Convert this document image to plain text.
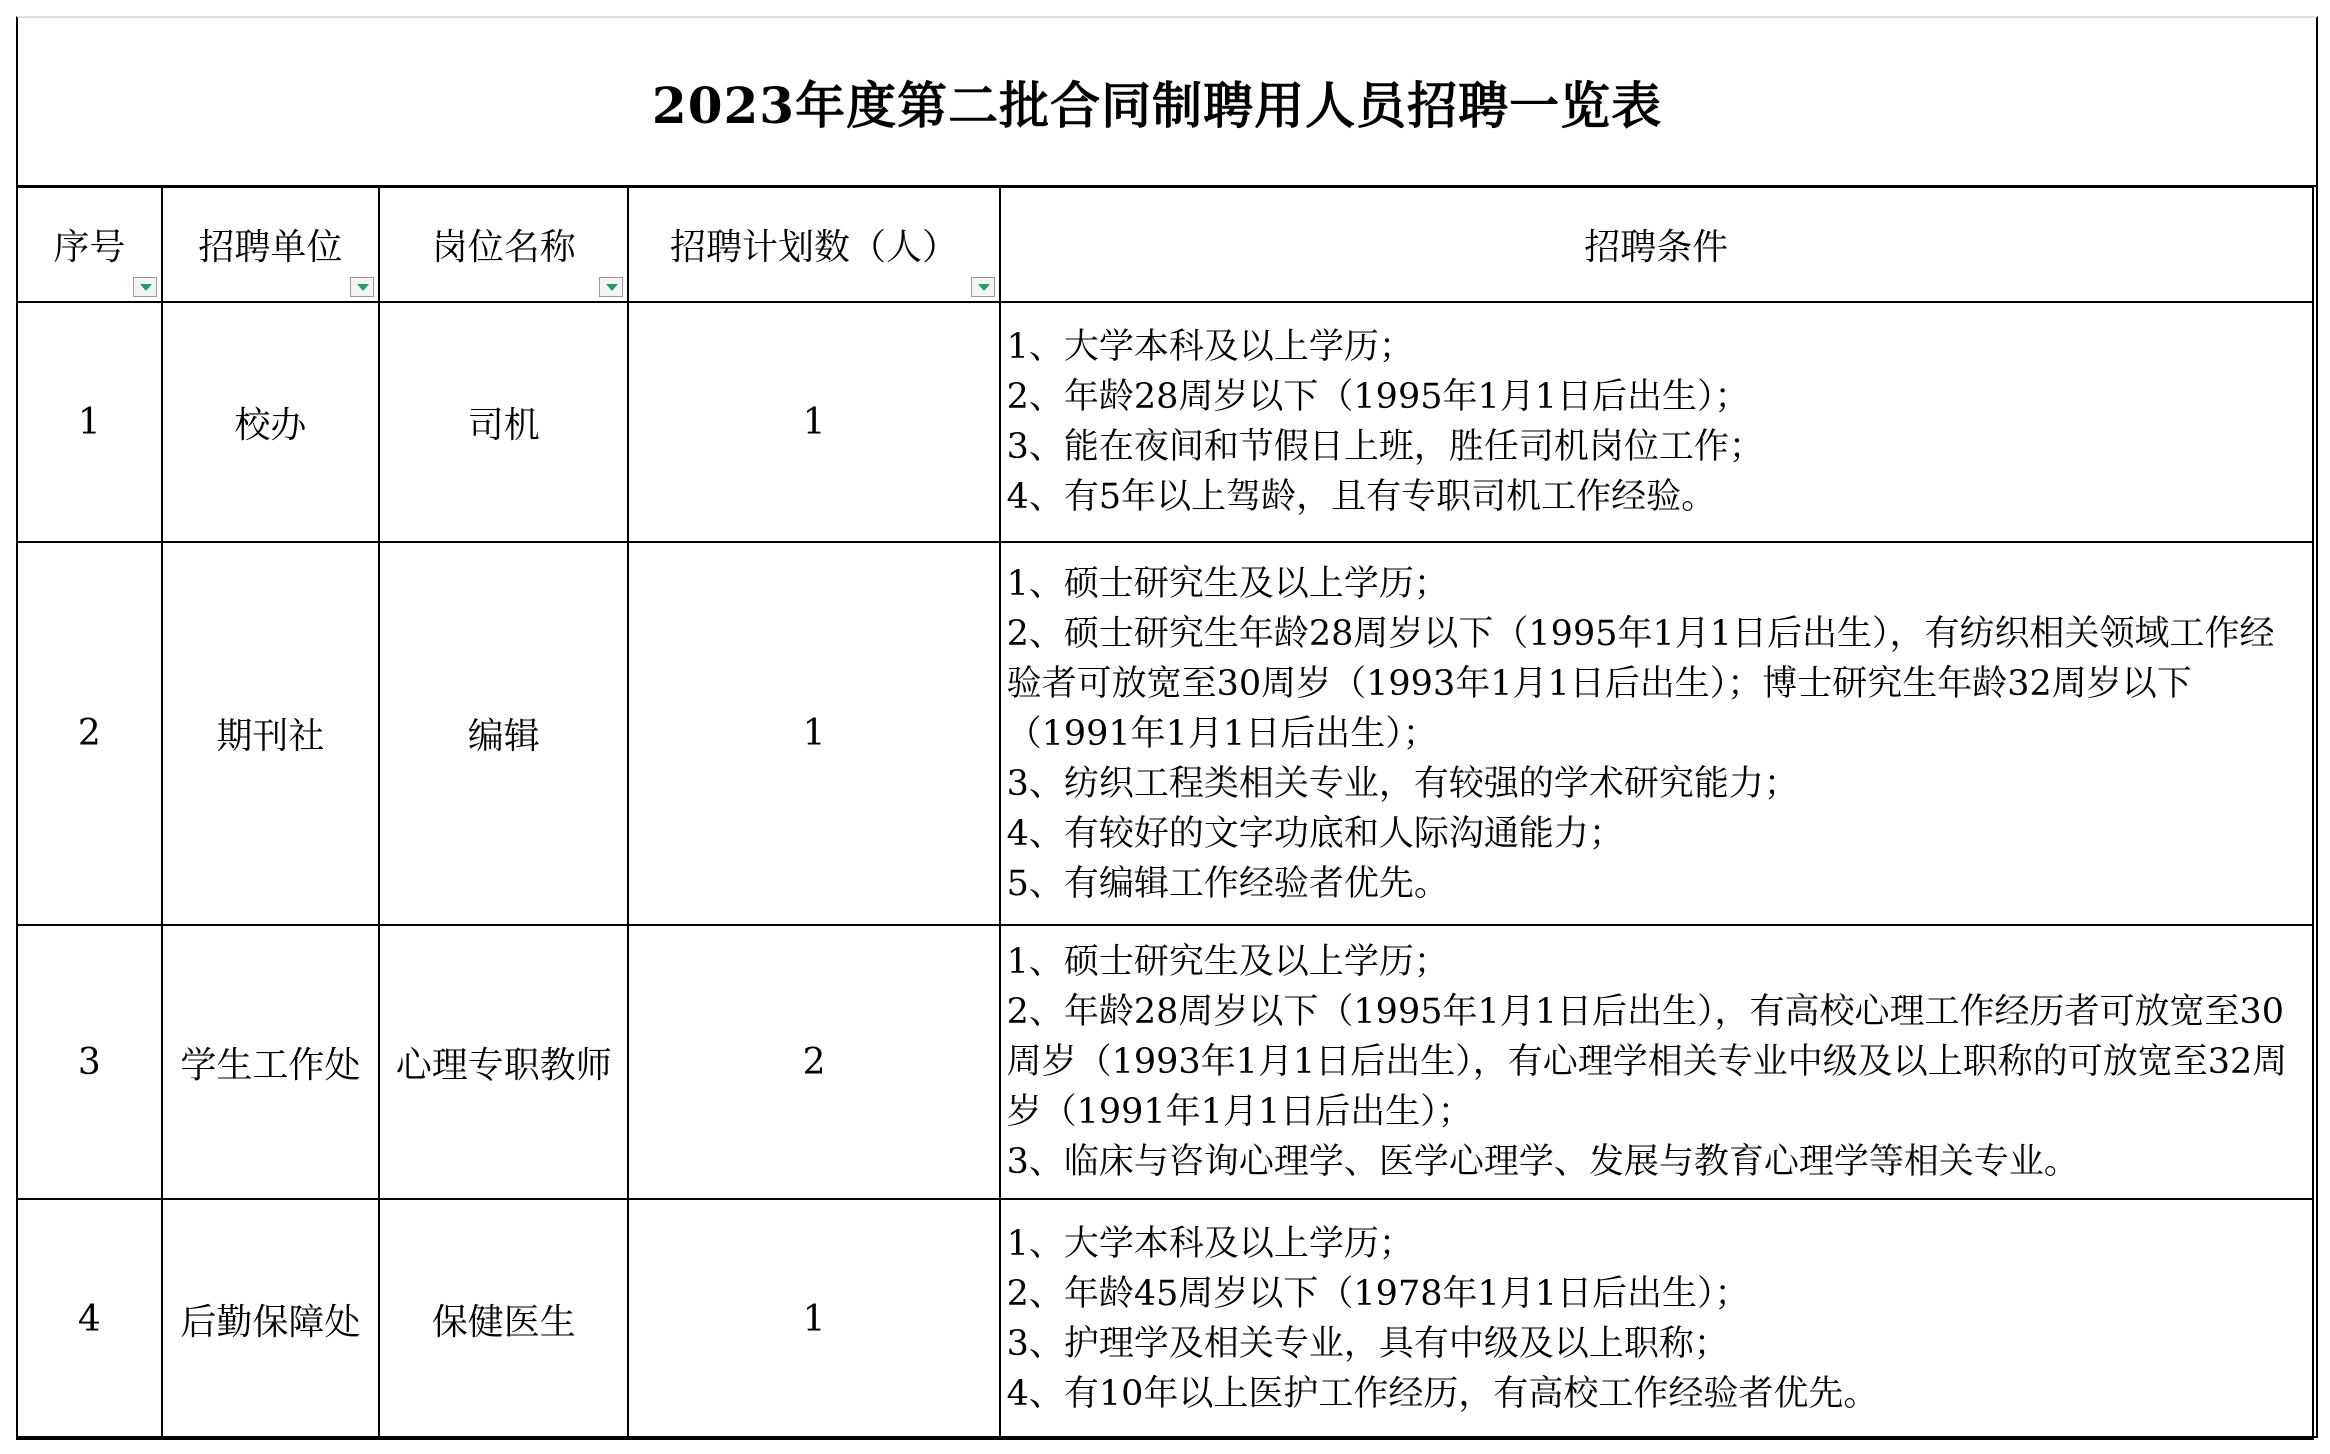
2023年度第二批合同制聘用人员招聘一览表
序号	招聘单位	岗位名称	招聘计划数（人）	招聘条件
1	校办	司机	1	1、大学本科及以上学历；
2、年龄28周岁以下（1995年1月1日后出生）；
3、能在夜间和节假日上班，胜任司机岗位工作；
4、有5年以上驾龄，且有专职司机工作经验。

2	期刊社	编辑	1	1、硕士研究生及以上学历；
2、硕士研究生年龄28周岁以下（1995年1月1日后出生），有纺织相关领域工作经验者可放宽至30周岁（1993年1月1日后出生）；博士研究生年龄32周岁以下（1991年1月1日后出生）；
3、纺织工程类相关专业，有较强的学术研究能力；
4、有较好的文字功底和人际沟通能力；
5、有编辑工作经验者优先。

3	学生工作处	心理专职教师	2	1、硕士研究生及以上学历；
2、年龄28周岁以下（1995年1月1日后出生），有高校心理工作经历者可放宽至30周岁（1993年1月1日后出生），有心理学相关专业中级及以上职称的可放宽至32周岁（1991年1月1日后出生）；
3、临床与咨询心理学、医学心理学、发展与教育心理学等相关专业。

4	后勤保障处	保健医生	1	1、大学本科及以上学历；
2、年龄45周岁以下（1978年1月1日后出生）；
3、护理学及相关专业，具有中级及以上职称；
4、有10年以上医护工作经历，有高校工作经验者优先。
